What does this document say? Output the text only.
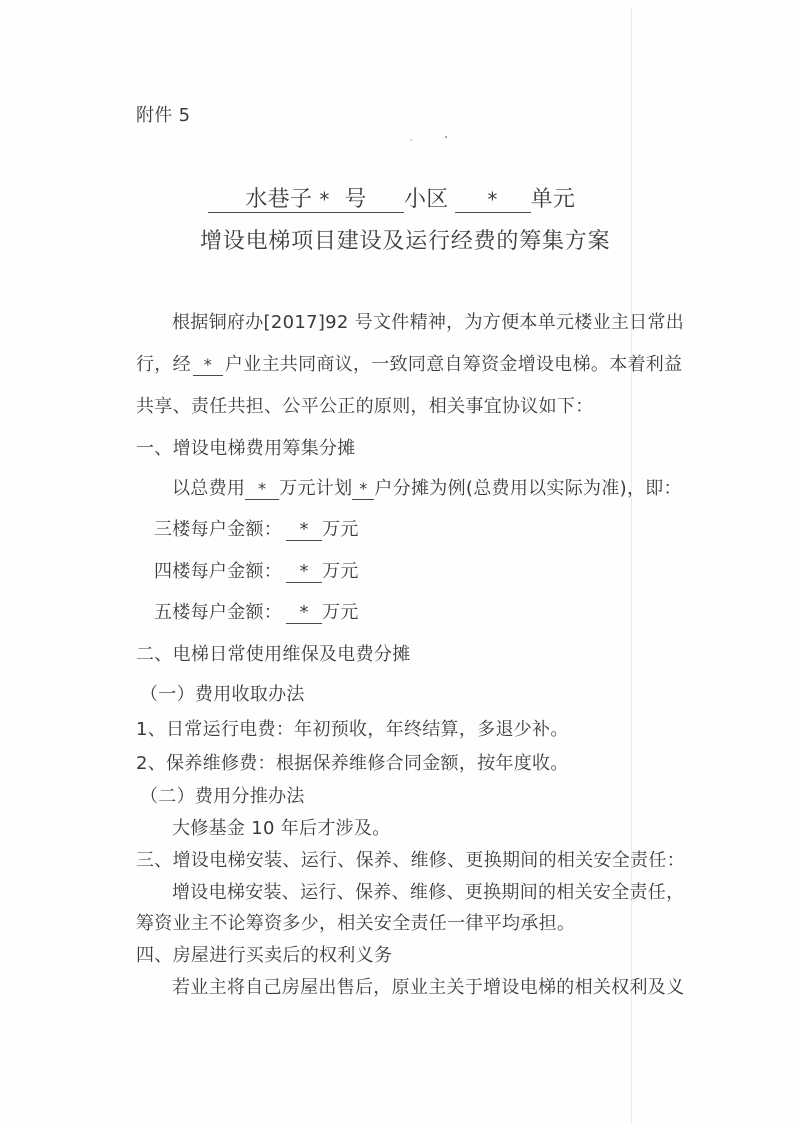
附件 5
水巷子 * 号 小区 * 单元
增设电梯项目建设及运行经费的筹集方案
根据铜府办[2017]92 号文件精神，为方便本单元楼业主日常出
行，经 * 户业主共同商议，一致同意自筹资金增设电梯。本着利益
共享、责任共担、公平公正的原则，相关事宜协议如下：
一、增设电梯费用筹集分摊
以总费用 * 万元计划 * 户分摊为例(总费用以实际为准)，即：
三楼每户金额： * 万元
四楼每户金额： * 万元
五楼每户金额： * 万元
二、电梯日常使用维保及电费分摊
（一）费用收取办法
1、日常运行电费：年初预收，年终结算，多退少补。
2、保养维修费：根据保养维修合同金额，按年度收。
（二）费用分推办法
大修基金 10 年后才涉及。
三、增设电梯安装、运行、保养、维修、更换期间的相关安全责任：
增设电梯安装、运行、保养、维修、更换期间的相关安全责任，
筹资业主不论筹资多少，相关安全责任一律平均承担。
四、房屋进行买卖后的权利义务
若业主将自己房屋出售后，原业主关于增设电梯的相关权利及义
